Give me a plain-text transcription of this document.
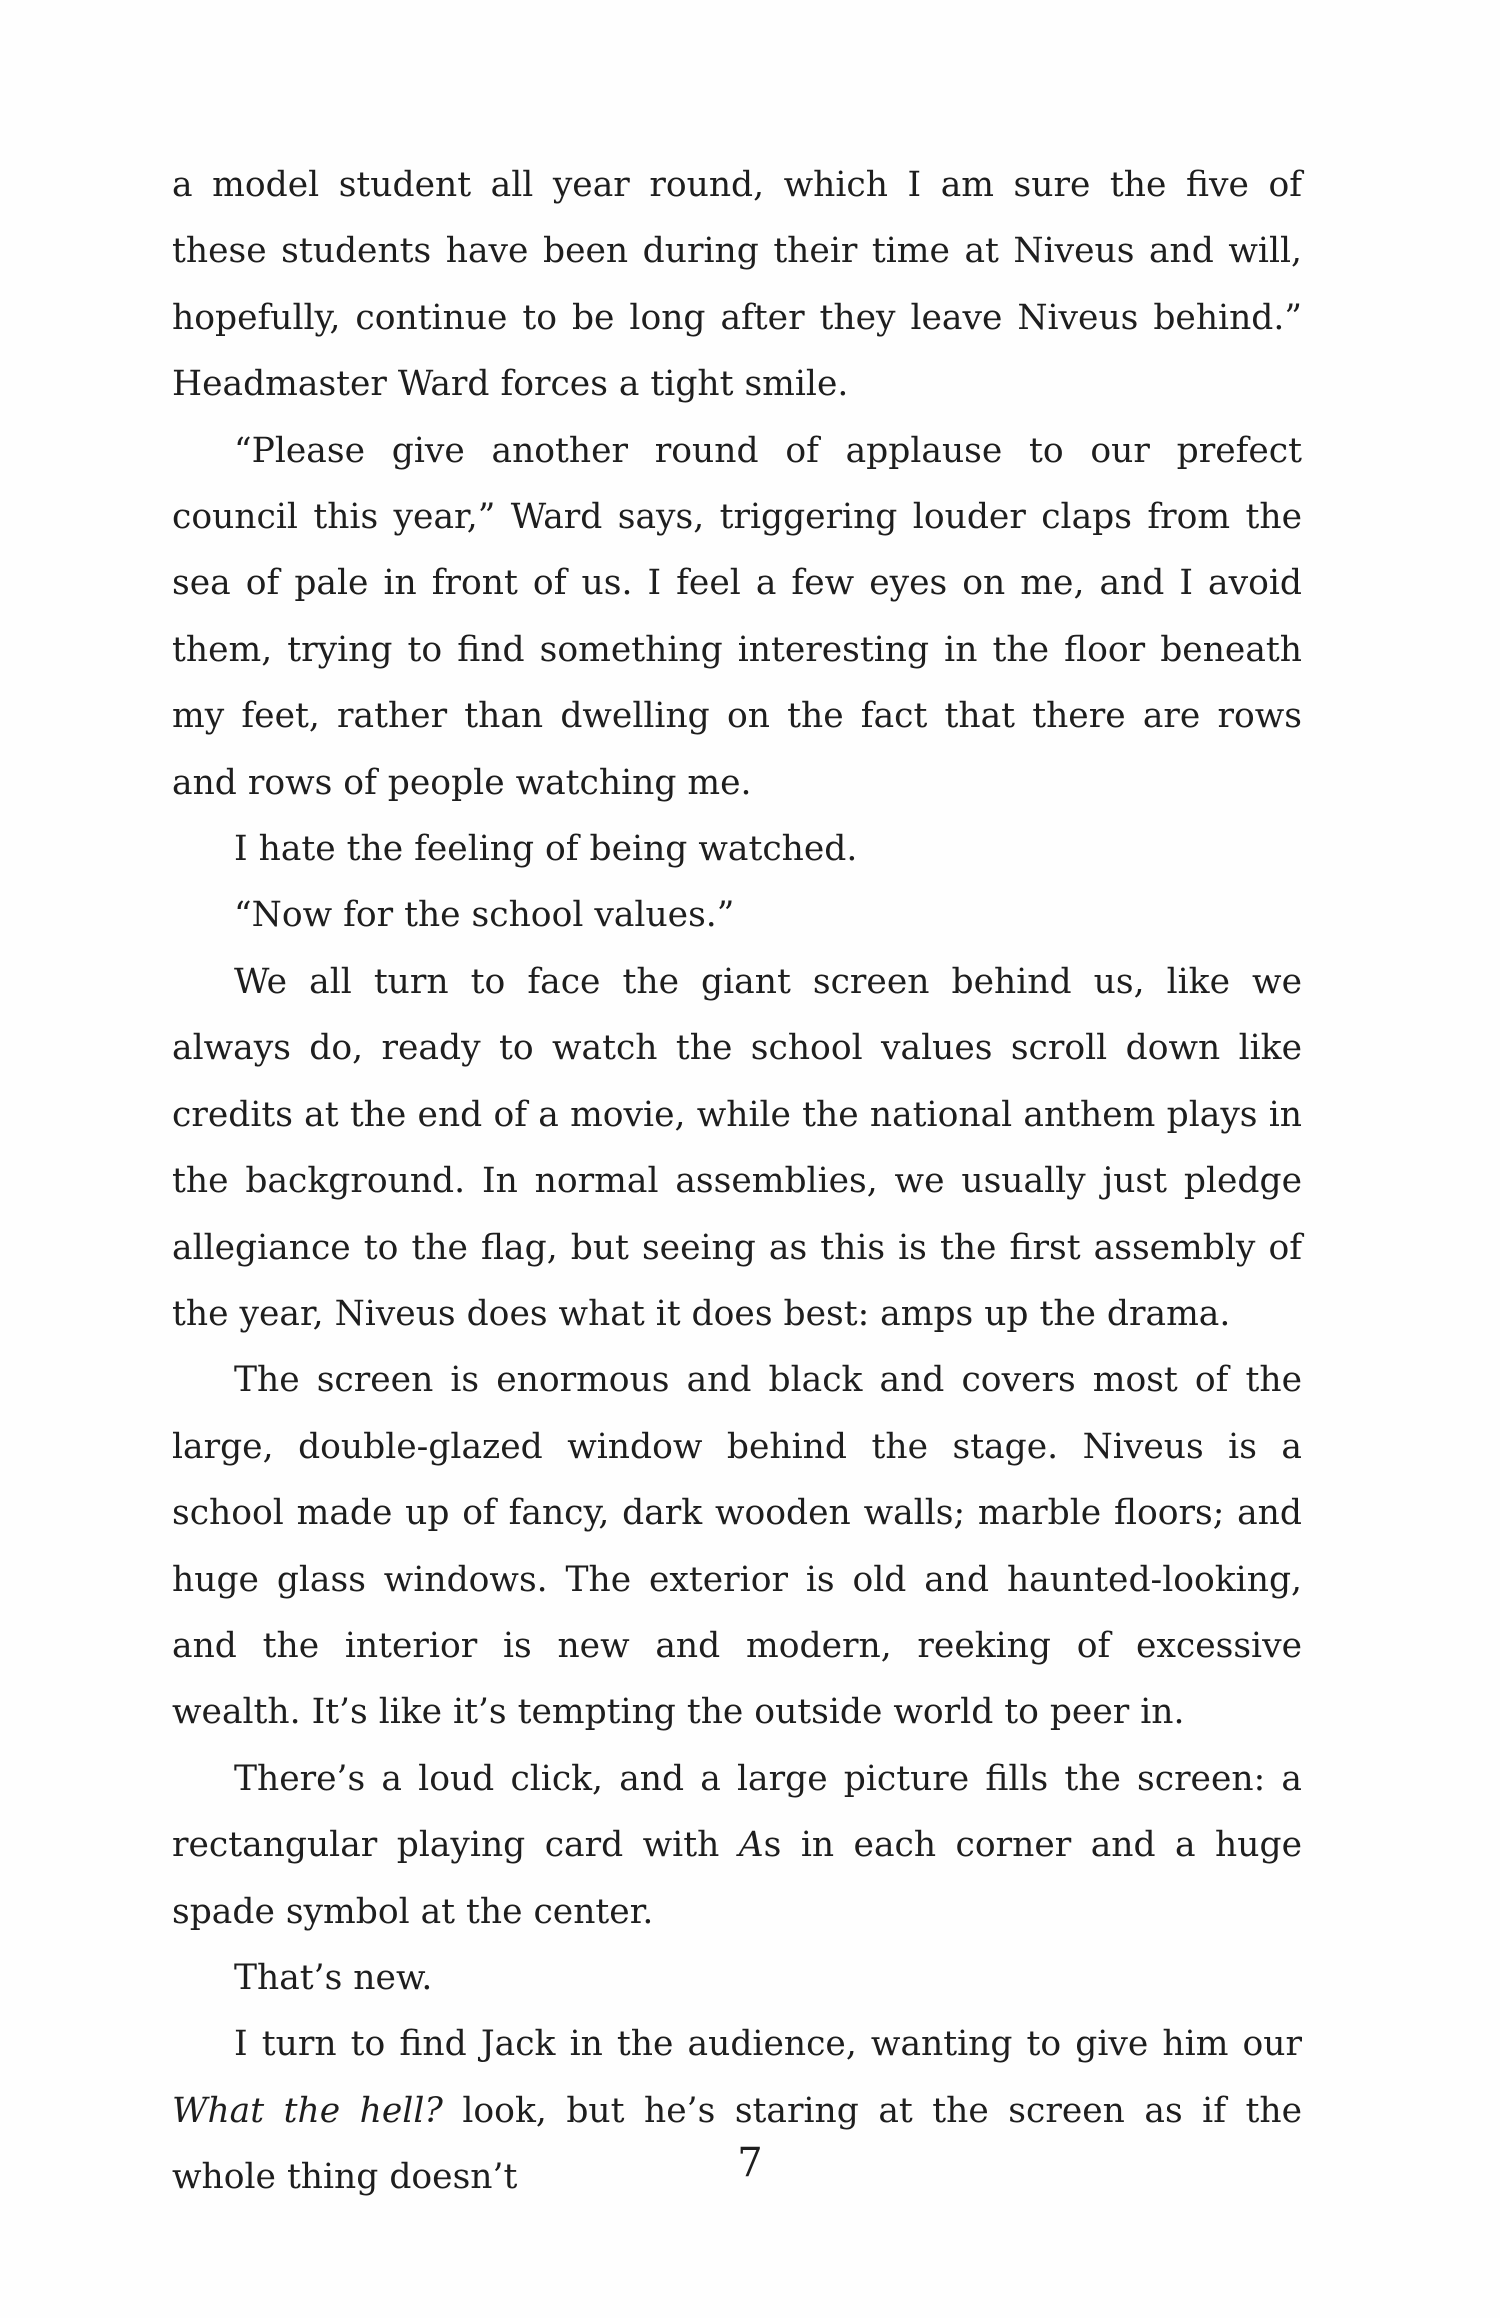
a model student all year round, which I am sure the five of these students have been during their time at Niveus and will, hopefully, continue to be long after they leave Niveus behind.” Headmaster Ward forces a tight smile.

“Please give another round of applause to our prefect council this year,” Ward says, triggering louder claps from the sea of pale in front of us. I feel a few eyes on me, and I avoid them, trying to find something interesting in the floor beneath my feet, rather than dwelling on the fact that there are rows and rows of people watching me.

I hate the feeling of being watched.

“Now for the school values.”

We all turn to face the giant screen behind us, like we always do, ready to watch the school values scroll down like credits at the end of a movie, while the national anthem plays in the background. In normal assemblies, we usually just pledge allegiance to the flag, but seeing as this is the first assembly of the year, Niveus does what it does best: amps up the drama.

The screen is enormous and black and covers most of the large, double-glazed window behind the stage. Niveus is a school made up of fancy, dark wooden walls; marble floors; and huge glass windows. The exterior is old and haunted-looking, and the interior is new and modern, reeking of excessive wealth. It’s like it’s tempting the outside world to peer in.

There’s a loud click, and a large picture fills the screen: a rectangular playing card with As in each corner and a huge spade symbol at the center.

That’s new.

I turn to find Jack in the audience, wanting to give him our What the hell? look, but he’s staring at the screen as if the whole thing doesn’t	7
